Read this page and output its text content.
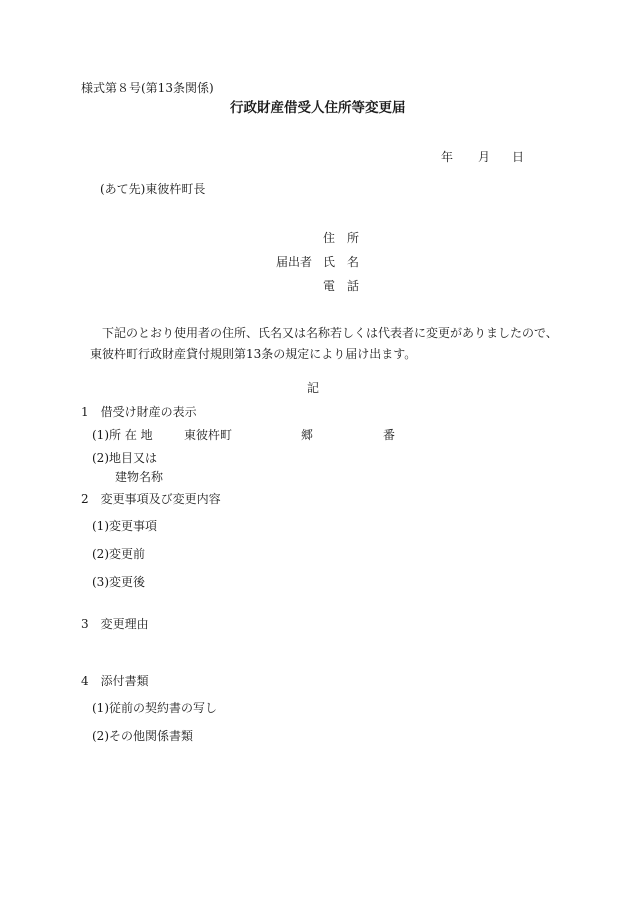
様式第８号(第13条関係)
行政財産借受人住所等変更届
年 月 日
(あて先)東彼杵町長
住　所
届出者 氏　名
電　話
下記のとおり使用者の住所、氏名又は名称若しくは代表者に変更がありましたので、
東彼杵町行政財産貸付規則第13条の規定により届け出ます。
記
1　借受け財産の表示
(1)所 在 地	東彼杵町	郷	番
(2)地目又は
建物名称
2　変更事項及び変更内容
(1)変更事項
(2)変更前
(3)変更後
3　変更理由
4　添付書類
(1)従前の契約書の写し
(2)その他関係書類
